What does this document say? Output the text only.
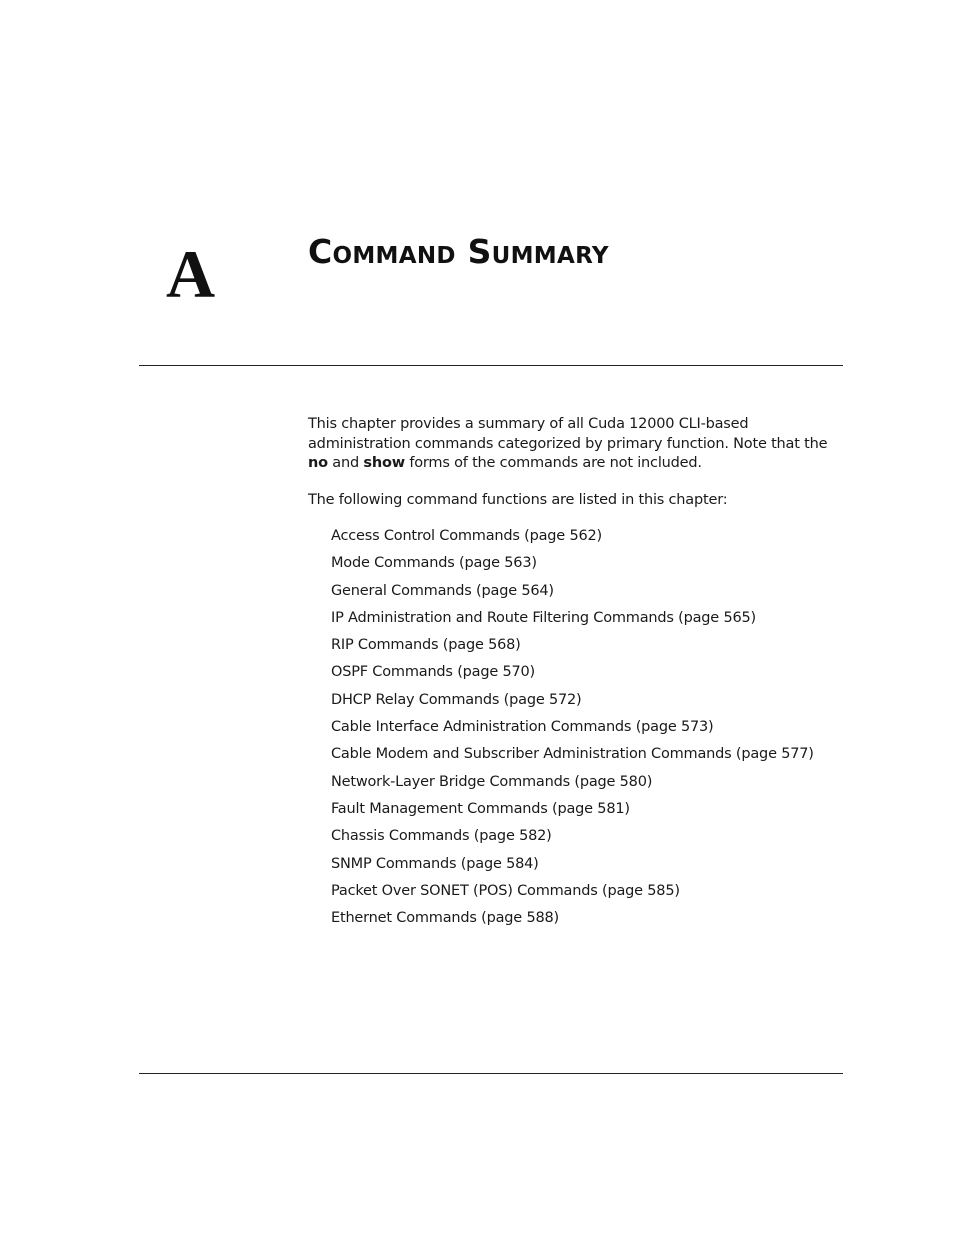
A	Command Summary

This chapter provides a summary of all Cuda 12000 CLI-based administration commands categorized by primary function. Note that the no and show forms of the commands are not included.

The following command functions are listed in this chapter:

Access Control Commands (page 562)
Mode Commands (page 563)
General Commands (page 564)
IP Administration and Route Filtering Commands (page 565)
RIP Commands (page 568)
OSPF Commands (page 570)
DHCP Relay Commands (page 572)
Cable Interface Administration Commands (page 573)
Cable Modem and Subscriber Administration Commands (page 577)
Network-Layer Bridge Commands (page 580)
Fault Management Commands (page 581)
Chassis Commands (page 582)
SNMP Commands (page 584)
Packet Over SONET (POS) Commands (page 585)
Ethernet Commands (page 588)
